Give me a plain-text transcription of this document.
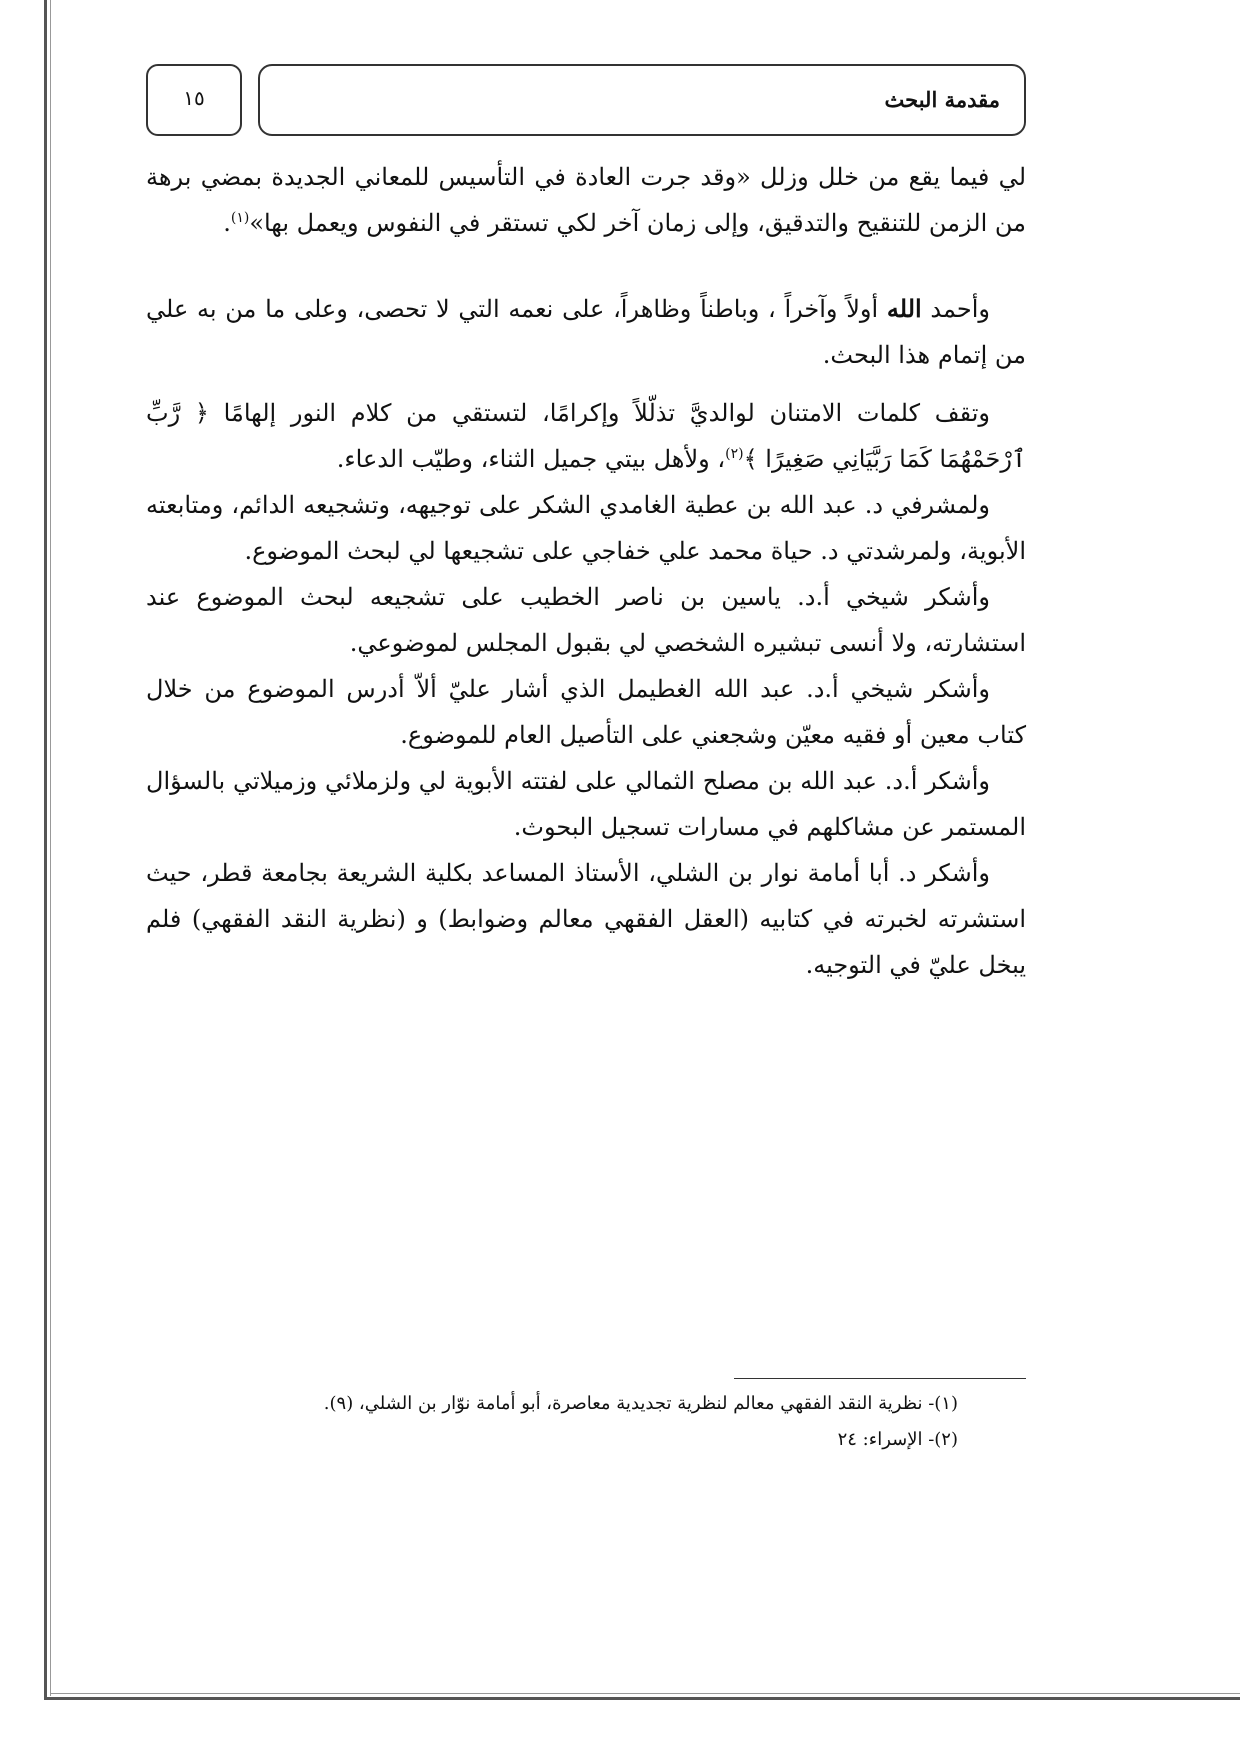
١٥	مقدمة البحث

لي فيما يقع من خلل وزلل «وقد جرت العادة في التأسيس للمعاني الجديدة بمضي برهة من الزمن للتنقيح والتدقيق، وإلى زمان آخر لكي تستقر في النفوس ويعمل بها»$^{(١)}$.

وأحمد الله أولاً وآخراً ، وباطناً وظاهراً، على نعمه التي لا تحصى، وعلى ما من به علي من إتمام هذا البحث.

وتقف كلمات الامتنان لوالديَّ تذلّلاً وإكرامًا، لتستقي من كلام النور إلهامًا ﴿ رَّبِّ ٱرْحَمْهُمَا كَمَا رَبَّيَانِي صَغِيرًا ﴾$^{(٢)}$، ولأهل بيتي جميل الثناء، وطيّب الدعاء.

ولمشرفي د. عبد الله بن عطية الغامدي الشكر على توجيهه، وتشجيعه الدائم، ومتابعته الأبوية، ولمرشدتي د. حياة محمد علي خفاجي على تشجيعها لي لبحث الموضوع.

وأشكر شيخي أ.د. ياسين بن ناصر الخطيب على تشجيعه لبحث الموضوع عند استشارته، ولا أنسى تبشيره الشخصي لي بقبول المجلس لموضوعي.

وأشكر شيخي أ.د. عبد الله الغطيمل الذي أشار عليّ ألاّ أدرس الموضوع من خلال كتاب معين أو فقيه معيّن وشجعني على التأصيل العام للموضوع.

وأشكر أ.د. عبد الله بن مصلح الثمالي على لفتته الأبوية لي ولزملائي وزميلاتي بالسؤال المستمر عن مشاكلهم في مسارات تسجيل البحوث.

وأشكر د. أبا أمامة نوار بن الشلي، الأستاذ المساعد بكلية الشريعة بجامعة قطر، حيث استشرته لخبرته في كتابيه (العقل الفقهي معالم وضوابط) و (نظرية النقد الفقهي) فلم يبخل عليّ في التوجيه.

(١)- نظرية النقد الفقهي معالم لنظرية تجديدية معاصرة، أبو أمامة نوّار بن الشلي، (٩).

(٢)- الإسراء: ٢٤
